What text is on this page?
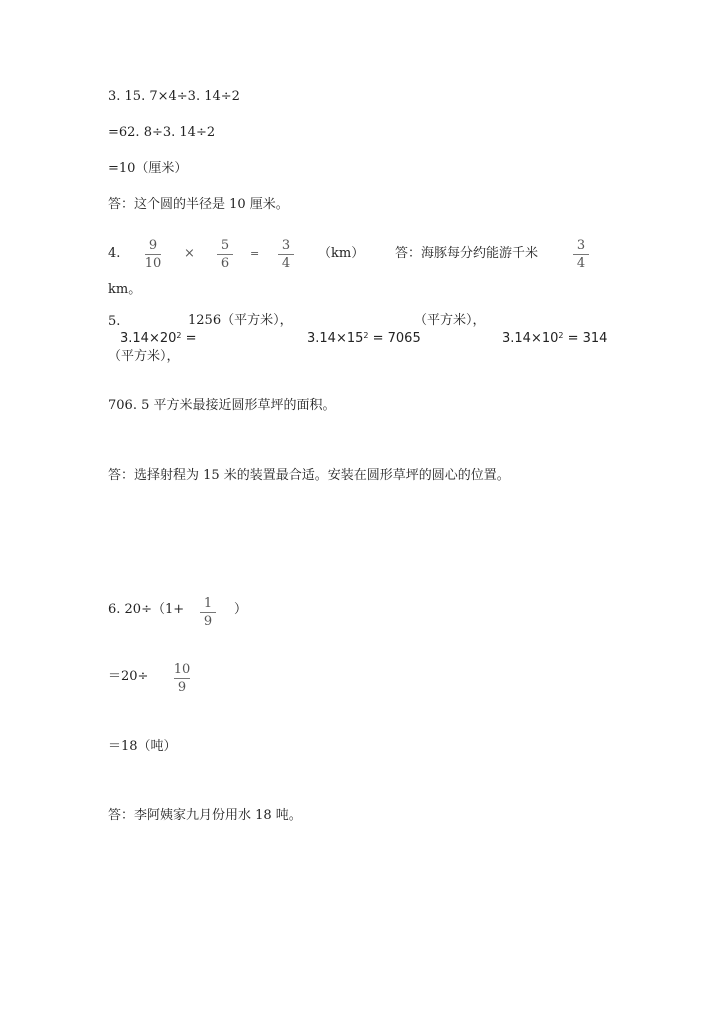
3. 15. 7×4÷3. 14÷2
=62. 8÷3. 14÷2
=10（厘米）
答：这个圆的半径是 10 厘米。
4.
9
10
×
5
6
=
3
4
（km） 答：海豚每分约能游千米
3
4
km。
5.
$3.14\times 20^2$ =
1256（平方米），
$3.14\times 15^2 = 7065$
（平方米），
$3.14\times 10^2 = 314$
（平方米），
706. 5 平方米最接近圆形草坪的面积。
答：选择射程为 15 米的装置最合适。安装在圆形草坪的圆心的位置。
6. 20÷（1+ 1
9
）
＝20÷ 10
9
＝18（吨）
答：李阿姨家九月份用水 18 吨。
